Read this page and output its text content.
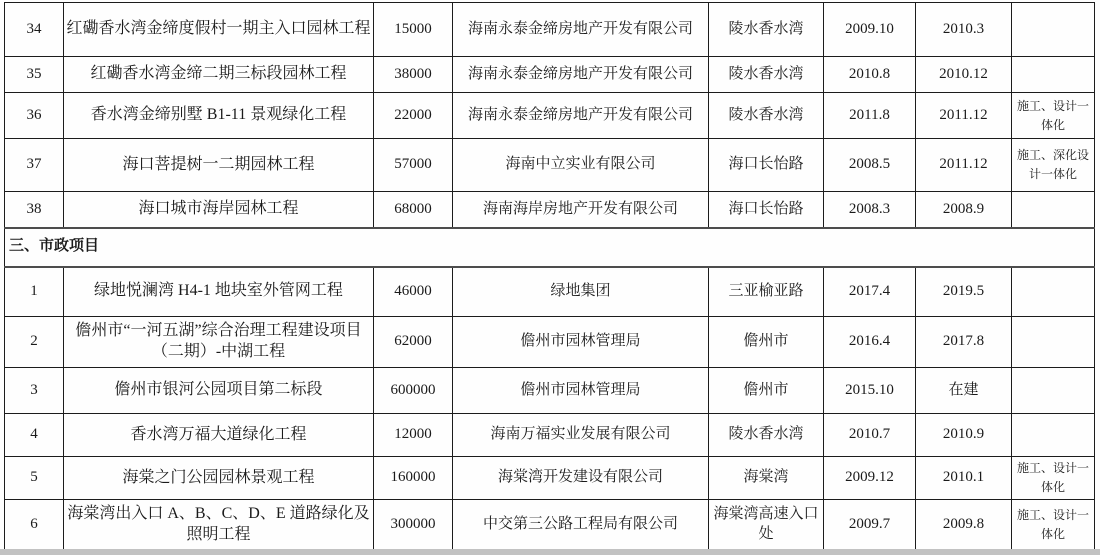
34	红磡香水湾金缔度假村一期主入口园林工程	15000	海南永泰金缔房地产开发有限公司	陵水香水湾	2009.10	2010.3	
35	红磡香水湾金缔二期三标段园林工程	38000	海南永泰金缔房地产开发有限公司	陵水香水湾	2010.8	2010.12	
36	香水湾金缔别墅 B1-11 景观绿化工程	22000	海南永泰金缔房地产开发有限公司	陵水香水湾	2011.8	2011.12	施工、设计一体化
37	海口菩提树一二期园林工程	57000	海南中立实业有限公司	海口长怡路	2008.5	2011.12	施工、深化设计一体化
38	海口城市海岸园林工程	68000	海南海岸房地产开发有限公司	海口长怡路	2008.3	2008.9	
三、市政项目							
1	绿地悦澜湾 H4-1 地块室外管网工程	46000	绿地集团	三亚榆亚路	2017.4	2019.5	
2	儋州市“一河五湖”综合治理工程建设项目（二期）-中湖工程	62000	儋州市园林管理局	儋州市	2016.4	2017.8	
3	儋州市银河公园项目第二标段	600000	儋州市园林管理局	儋州市	2015.10	在建	
4	香水湾万福大道绿化工程	12000	海南万福实业发展有限公司	陵水香水湾	2010.7	2010.9	
5	海棠之门公园园林景观工程	160000	海棠湾开发建设有限公司	海棠湾	2009.12	2010.1	施工、设计一体化
6	海棠湾出入口 A、B、C、D、E 道路绿化及照明工程	300000	中交第三公路工程局有限公司	海棠湾高速入口处	2009.7	2009.8	施工、设计一体化
